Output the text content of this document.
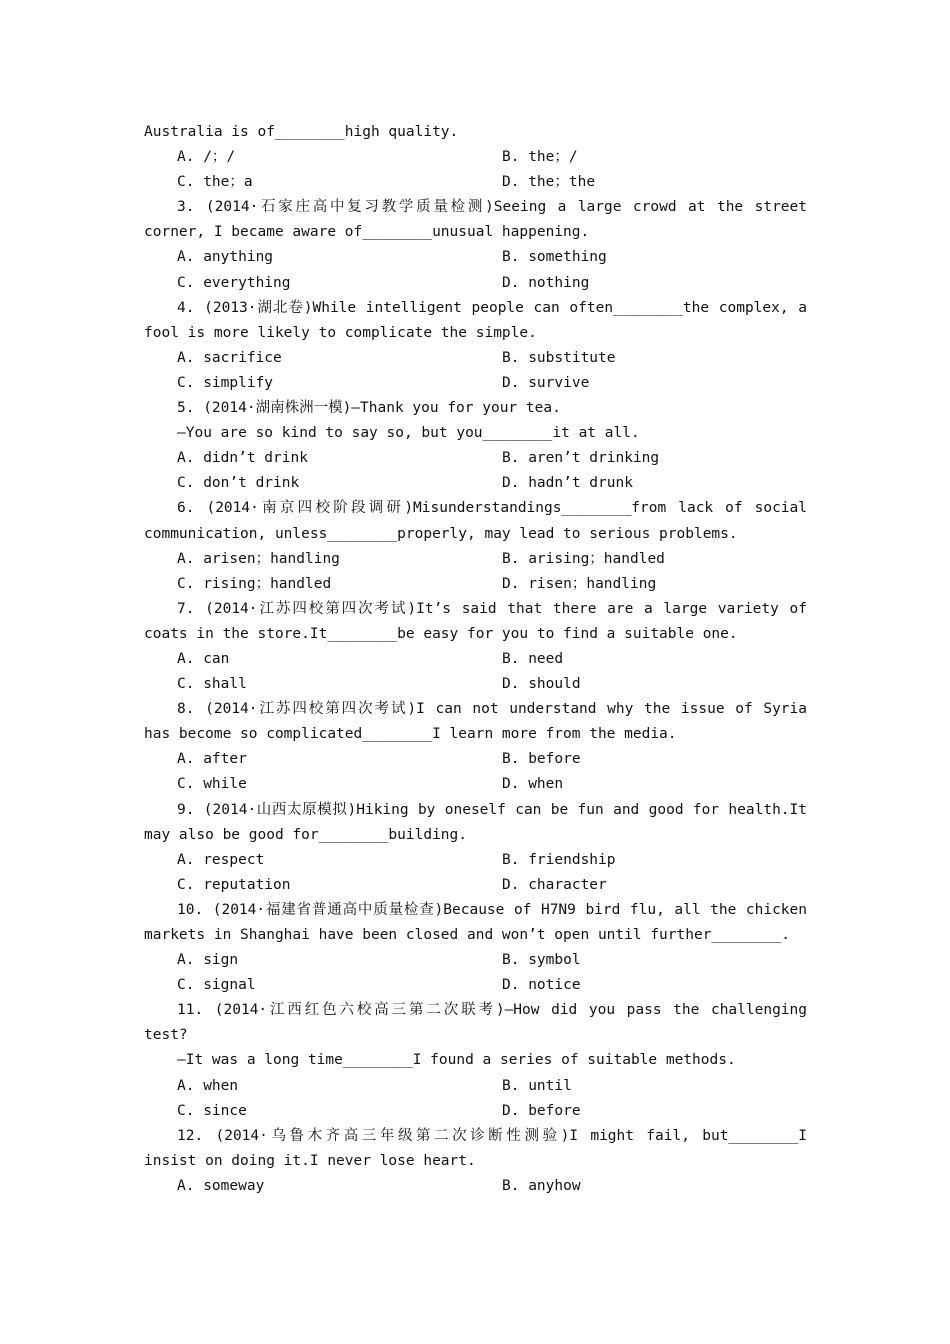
Australia is of________high quality.
A. /；/	B. the；/
C. the；a	D. the；the
3. (2014·石家庄高中复习教学质量检测)Seeing a large crowd at the street
corner, I became aware of________unusual happening.
A. anything	B. something
C. everything	D. nothing
4. (2013·湖北卷)While intelligent people can often________the complex, a
fool is more likely to complicate the simple.
A. sacrifice	B. substitute
C. simplify	D. survive
5. (2014·湖南株洲一模)—Thank you for your tea.
—You are so kind to say so, but you________it at all.
A. didn’t drink	B. aren’t drinking
C. don’t drink	D. hadn’t drunk
6. (2014·南京四校阶段调研)Misunderstandings________from lack of social
communication, unless________properly, may lead to serious problems.
A. arisen；handling	B. arising；handled
C. rising；handled	D. risen；handling
7. (2014·江苏四校第四次考试)It’s said that there are a large variety of
coats in the store.It________be easy for you to find a suitable one.
A. can	B. need
C. shall	D. should
8. (2014·江苏四校第四次考试)I can not understand why the issue of Syria
has become so complicated________I learn more from the media.
A. after	B. before
C. while	D. when
9. (2014·山西太原模拟)Hiking by oneself can be fun and good for health.It
may also be good for________building.
A. respect	B. friendship
C. reputation	D. character
10. (2014·福建省普通高中质量检查)Because of H7N9 bird flu, all the chicken
markets in Shanghai have been closed and won’t open until further________.
A. sign	B. symbol
C. signal	D. notice
11. (2014·江西红色六校高三第二次联考)—How did you pass the challenging
test?
—It was a long time________I found a series of suitable methods.
A. when	B. until
C. since	D. before
12. (2014·乌鲁木齐高三年级第二次诊断性测验)I might fail, but________I
insist on doing it.I never lose heart.
A. someway	B. anyhow
